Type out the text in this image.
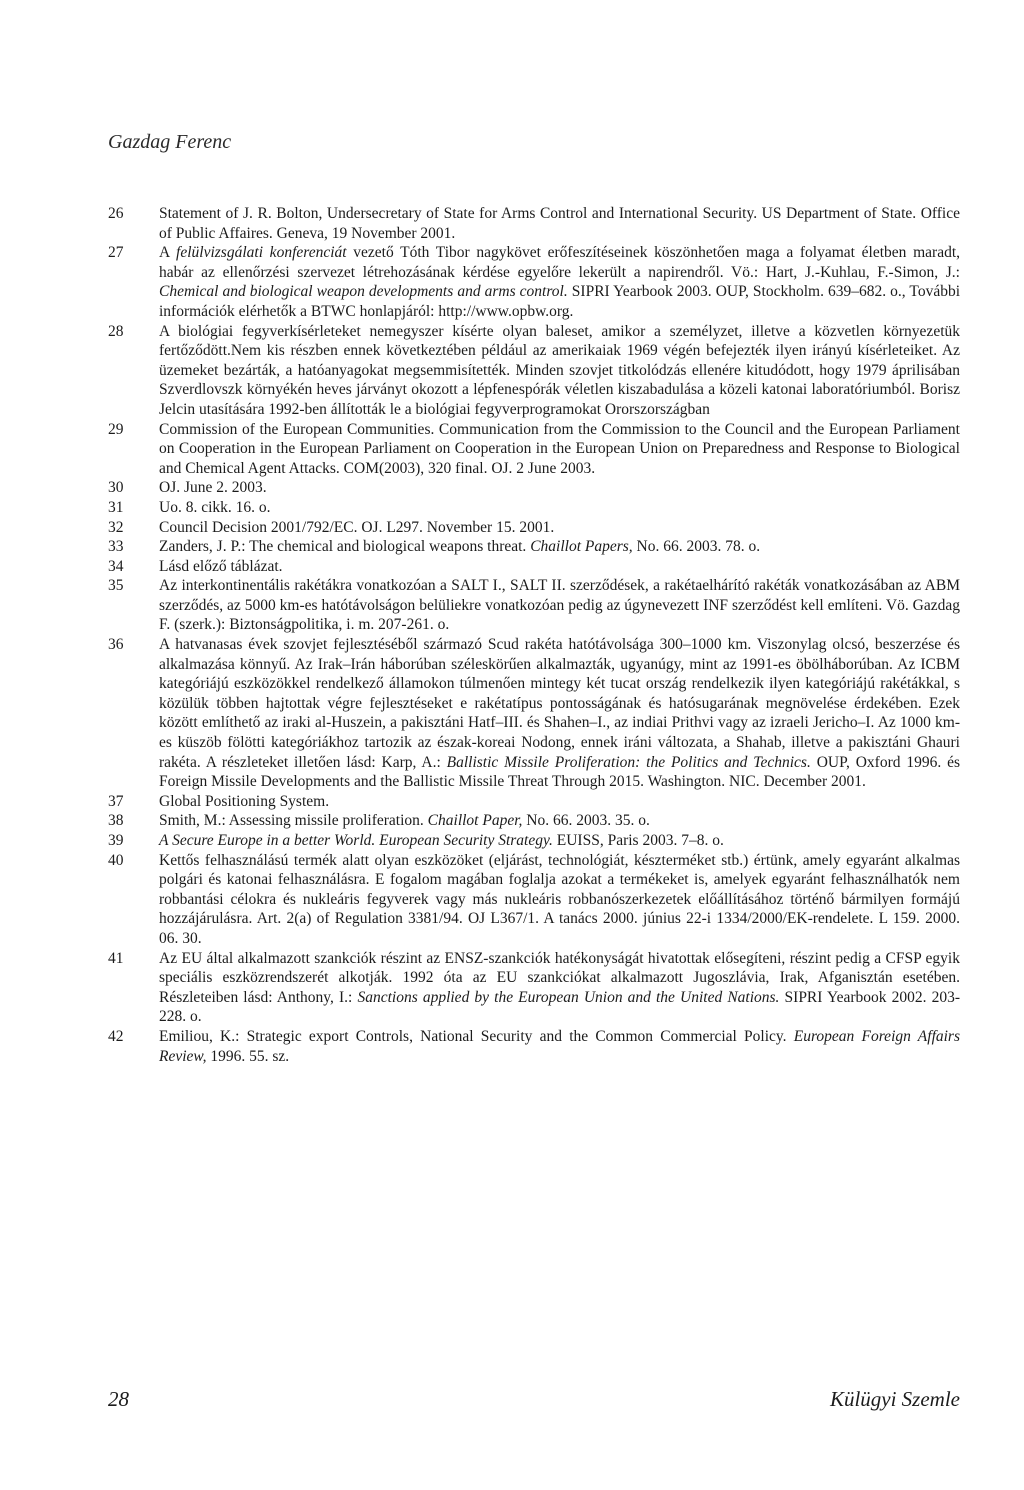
Gazdag Ferenc
26	Statement of J. R. Bolton, Undersecretary of State for Arms Control and International Security. US Department of State. Office of Public Affaires. Geneva, 19 November 2001.
27	A felülvizsgálati konferenciát vezető Tóth Tibor nagykövet erőfeszítéseinek köszönhetően maga a folyamat életben maradt, habár az ellenőrzési szervezet létrehozásának kérdése egyelőre lekerült a napirendről. Vö.: Hart, J.-Kuhlau, F.-Simon, J.: Chemical and biological weapon developments and arms control. SIPRI Yearbook 2003. OUP, Stockholm. 639–682. o., További információk elérhetők a BTWC honlapjáról: http://www.opbw.org.
28	A biológiai fegyverkísérleteket nemegyszer kísérte olyan baleset, amikor a személyzet, illetve a közvetlen környezetük fertőződött.Nem kis részben ennek következtében például az amerikaiak 1969 végén befejezték ilyen irányú kísérleteiket. Az üzemeket bezárták, a hatóanyagokat megsemmisítették. Minden szovjet titkolódzás ellenére kitudódott, hogy 1979 áprilisában Szverdlovszk környékén heves járványt okozott a lépfenespórák véletlen kiszabadulása a közeli katonai laboratóriumból. Borisz Jelcin utasítására 1992-ben állították le a biológiai fegyverprogramokat Ororszországban
29	Commission of the European Communities. Communication from the Commission to the Council and the European Parliament on Cooperation in the European Parliament on Cooperation in the European Union on Preparedness and Response to Biological and Chemical Agent Attacks. COM(2003), 320 final. OJ. 2 June 2003.
30	OJ. June 2. 2003.
31	Uo. 8. cikk. 16. o.
32	Council Decision 2001/792/EC. OJ. L297. November 15. 2001.
33	Zanders, J. P.: The chemical and biological weapons threat. Chaillot Papers, No. 66. 2003. 78. o.
34	Lásd előző táblázat.
35	Az interkontinentális rakétákra vonatkozóan a SALT I., SALT II. szerződések, a rakétaelhárító rakéták vonatkozásában az ABM szerződés, az 5000 km-es hatótávolságon belüliekre vonatkozóan pedig az úgynevezett INF szerződést kell említeni. Vö. Gazdag F. (szerk.): Biztonságpolitika, i. m. 207-261. o.
36	A hatvanasas évek szovjet fejlesztéséből származó Scud rakéta hatótávolsága 300–1000 km. Viszonylag olcsó, beszerzése és alkalmazása könnyű. Az Irak–Irán háborúban széleskörűen alkalmazták, ugyanúgy, mint az 1991-es öbölháborúban. Az ICBM kategóriájú eszközökkel rendelkező államokon túlmenően mintegy két tucat ország rendelkezik ilyen kategóriájú rakétákkal, s közülük többen hajtottak végre fejlesztéseket e rakétatípus pontosságának és hatósugarának megnövelése érdekében. Ezek között említhető az iraki al-Huszein, a pakisztáni Hatf–III. és Shahen–I., az indiai Prithvi vagy az izraeli Jericho–I. Az 1000 km-es küszöb fölötti kategóriákhoz tartozik az észak-koreai Nodong, ennek iráni változata, a Shahab, illetve a pakisztáni Ghauri rakéta. A részleteket illetően lásd: Karp, A.: Ballistic Missile Proliferation: the Politics and Technics. OUP, Oxford 1996. és Foreign Missile Developments and the Ballistic Missile Threat Through 2015. Washington. NIC. December 2001.
37	Global Positioning System.
38	Smith, M.: Assessing missile proliferation. Chaillot Paper, No. 66. 2003. 35. o.
39	A Secure Europe in a better World. European Security Strategy. EUISS, Paris 2003. 7–8. o.
40	Kettős felhasználású termék alatt olyan eszközöket (eljárást, technológiát, készterméket stb.) értünk, amely egyaránt alkalmas polgári és katonai felhasználásra. E fogalom magában foglalja azokat a termékeket is, amelyek egyaránt felhasználhatók nem robbantási célokra és nukleáris fegyverek vagy más nukleáris robbanószerkezetek előállításához történő bármilyen formájú hozzájárulásra. Art. 2(a) of Regulation 3381/94. OJ L367/1. A tanács 2000. június 22-i 1334/2000/EK-rendelete. L 159. 2000. 06. 30.
41	Az EU által alkalmazott szankciók részint az ENSZ-szankciók hatékonyságát hivatottak elősegíteni, részint pedig a CFSP egyik speciális eszközrendszerét alkotják. 1992 óta az EU szankciókat alkalmazott Jugoszlávia, Irak, Afganisztán esetében. Részleteiben lásd: Anthony, I.: Sanctions applied by the European Union and the United Nations. SIPRI Yearbook 2002. 203-228. o.
42	Emiliou, K.: Strategic export Controls, National Security and the Common Commercial Policy. European Foreign Affairs Review, 1996. 55. sz.
28	Külügyi Szemle
